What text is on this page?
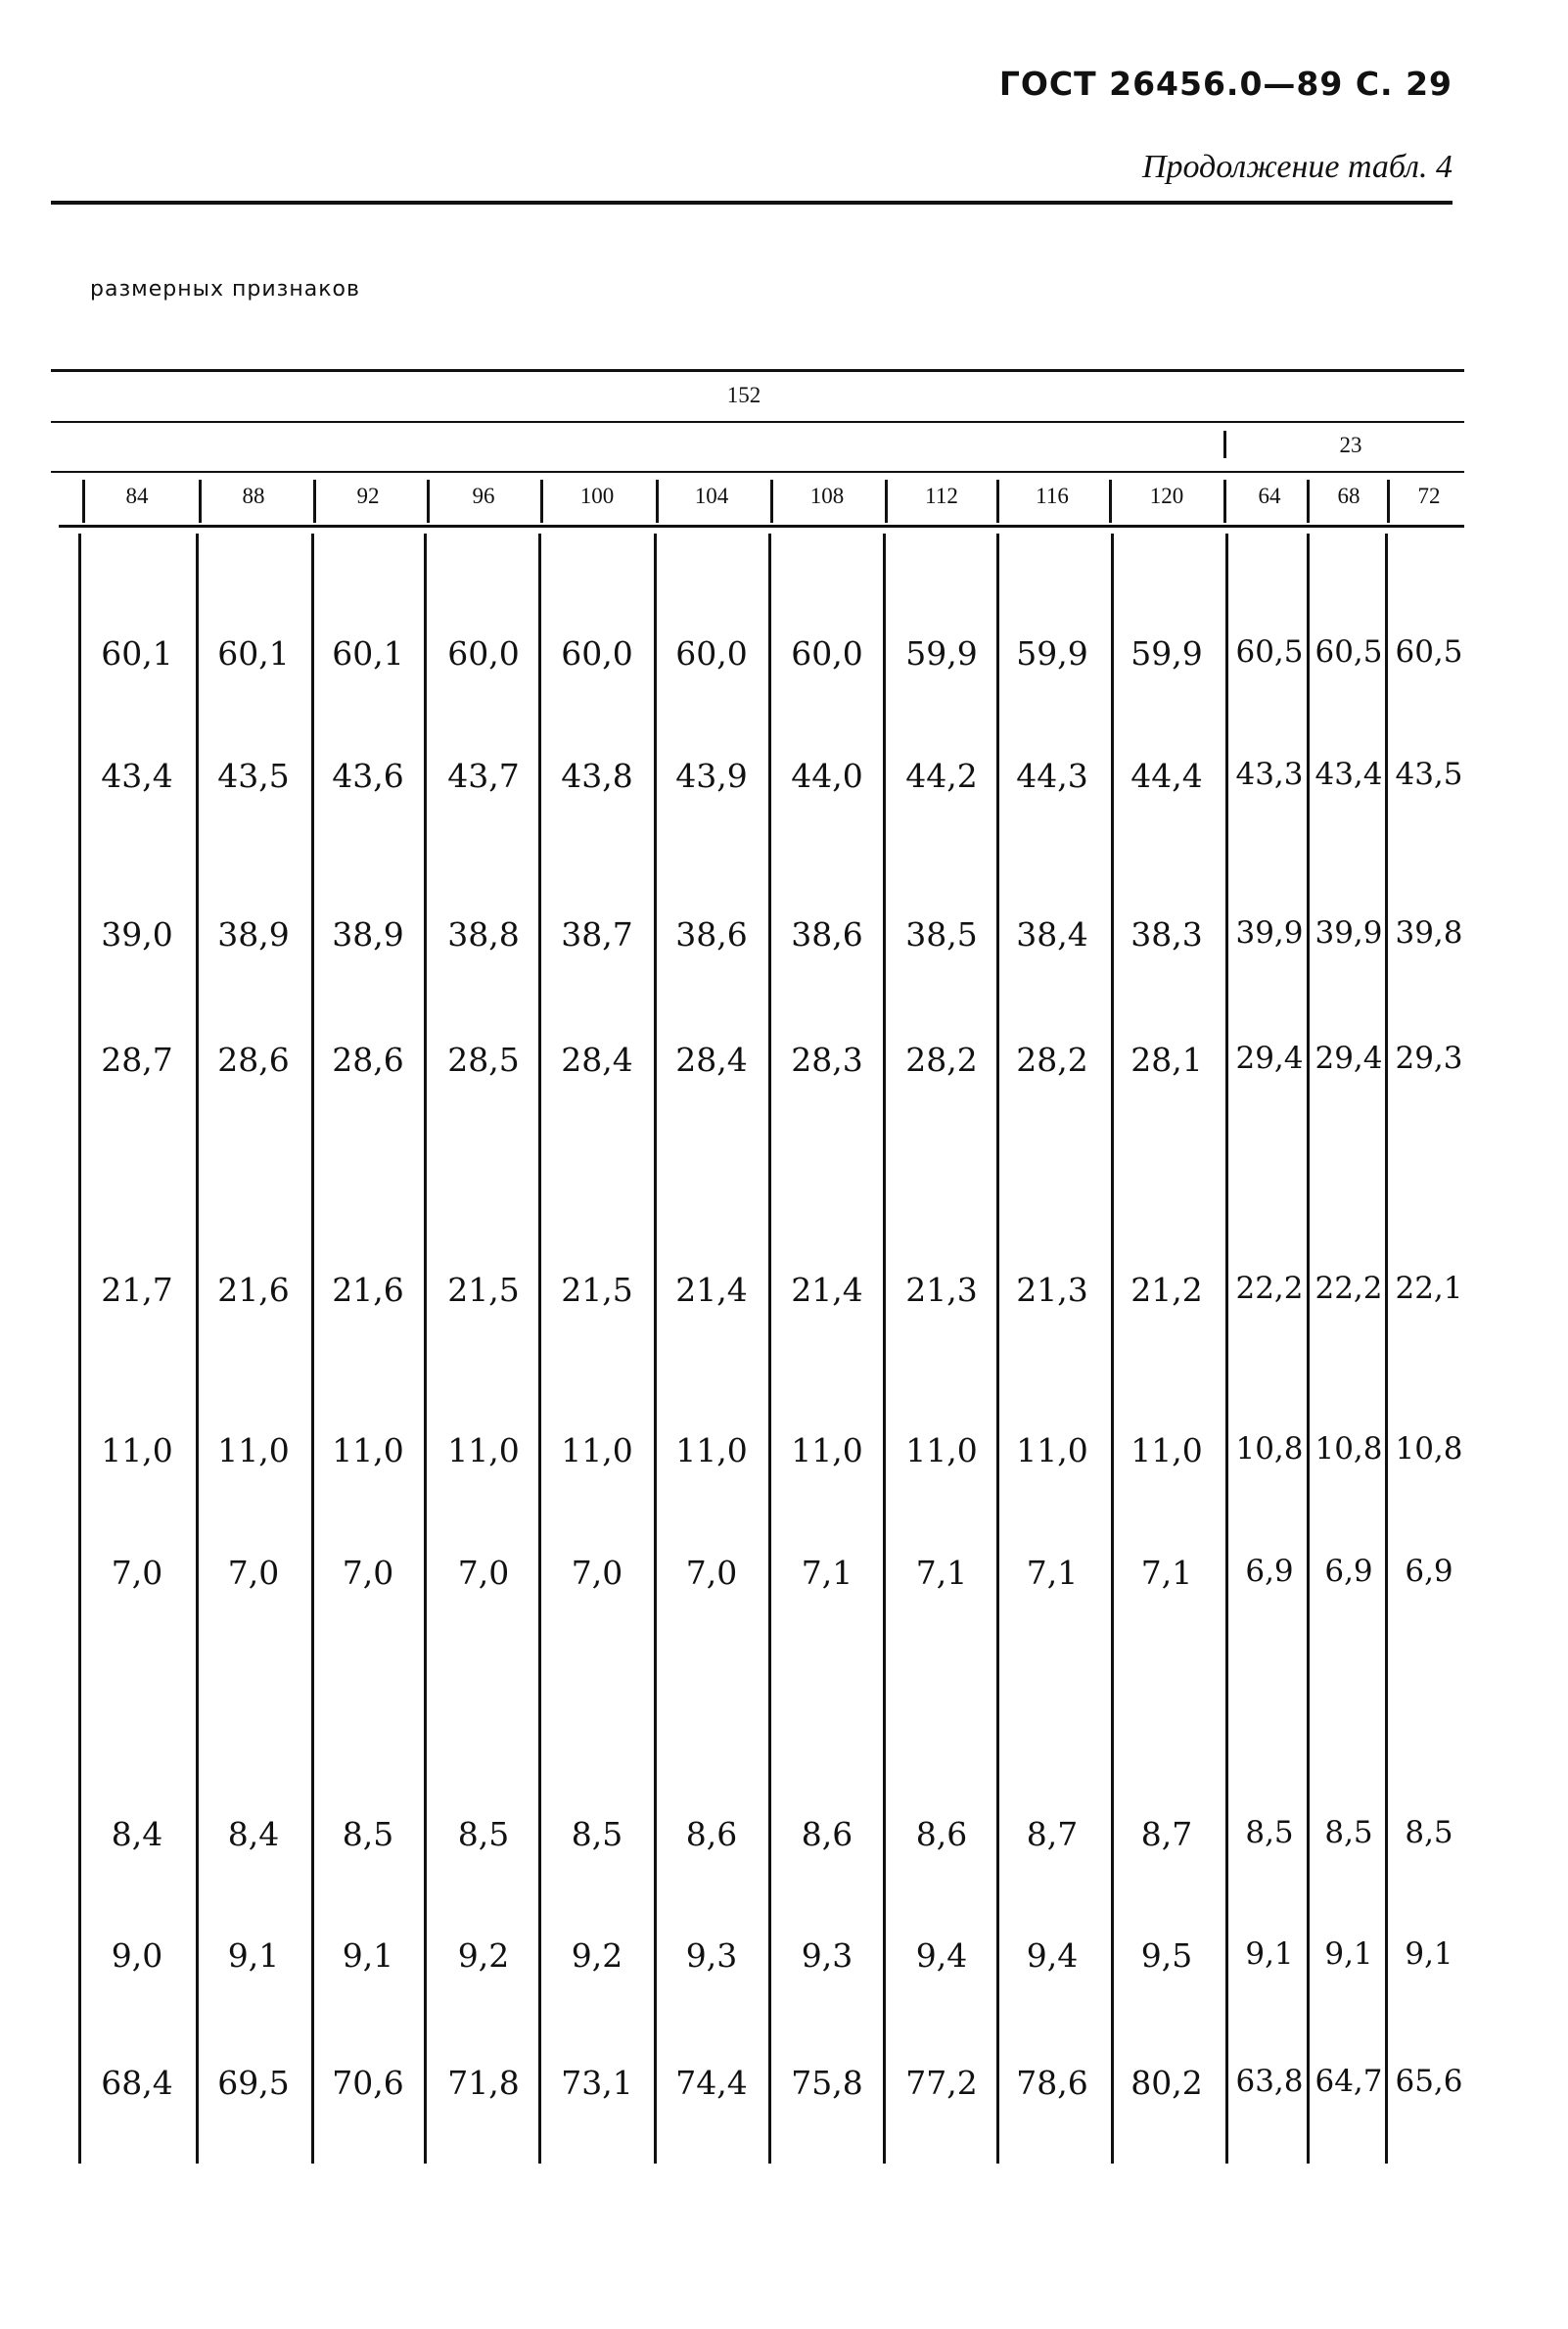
ГОСТ 26456.0—89 С. 29
Продолжение табл. 4
размерных признаков
152
23
84	88	92	96	100	104	108	112	116	120	64	68	72
60,1	60,1	60,1	60,0	60,0	60,0	60,0	59,9	59,9	59,9	60,5 60,5 60,5
43,4	43,5	43,6	43,7	43,8	43,9	44,0	44,2	44,3	44,4	43,3 43,4 43,5
39,0	38,9	38,9	38,8	38,7	38,6	38,6	38,5	38,4	38,3	39,9 39,9 39,8
28,7	28,6	28,6	28,5	28,4	28,4	28,3	28,2	28,2	28,1	29,4 29,4 29,3
21,7	21,6	21,6	21,5	21,5	21,4	21,4	21,3	21,3	21,2	22,2 22,2 22,1
11,0	11,0	11,0	11,0	11,0	11,0	11,0	11,0	11,0	11,0	10,8 10,8 10,8
7,0	7,0	7,0	7,0	7,0	7,0	7,1	7,1	7,1	7,1	6,9	6,9	6,9
8,4	8,4	8,5	8,5	8,5	8,6	8,6	8,6	8,7	8,7	8,5	8,5	8,5
9,0	9,1	9,1	9,2	9,2	9,3	9,3	9,4	9,4	9,5	9,1	9,1	9,1
68,4	69,5	70,6	71,8	73,1	74,4	75,8	77,2	78,6	80,2	63,8 64,7 65,6
